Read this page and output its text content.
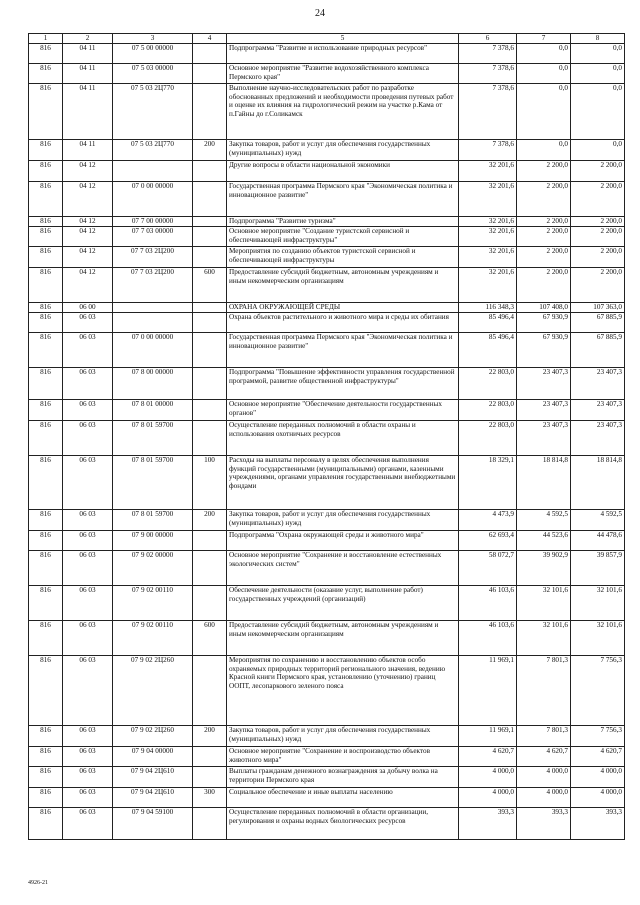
24
1	2	3	4	5	6	7	8
816	04 11	07 5 00 00000		Подпрограмма "Развитие и использование природных ресурсов"	7 378,6	0,0	0,0
816	04 11	07 5 03 00000		Основное мероприятие "Развитие водохозяйственного комплекса Пермского края"	7 378,6	0,0	0,0
816	04 11	07 5 03 2Ц770		Выполнение научно-исследовательских работ по разработке обоснованных предложений и необходимости проведения путевых работ и оценке их влияния на гидрологический режим на участке р.Кама от п.Гайны до г.Соликамск	7 378,6	0,0	0,0
816	04 11	07 5 03 2Ц770	200	Закупка товаров, работ и услуг для обеспечения государственных (муниципальных) нужд	7 378,6	0,0	0,0
816	04 12			Другие вопросы в области национальной экономики	32 201,6	2 200,0	2 200,0
816	04 12	07 0 00 00000		Государственная программа Пермского края "Экономическая политика и инновационное развитие"	32 201,6	2 200,0	2 200,0
816	04 12	07 7 00 00000		Подпрограмма "Развитие туризма"	32 201,6	2 200,0	2 200,0
816	04 12	07 7 03 00000		Основное мероприятие "Создание туристской сервисной и обеспечивающей инфраструктуры"	32 201,6	2 200,0	2 200,0
816	04 12	07 7 03 2Ц200		Мероприятия по созданию объектов туристской сервисной и обеспечивающей инфраструктуры	32 201,6	2 200,0	2 200,0
816	04 12	07 7 03 2Ц200	600	Предоставление субсидий бюджетным, автономным учреждениям и иным некоммерческим организациям	32 201,6	2 200,0	2 200,0
816	06 00			ОХРАНА ОКРУЖАЮЩЕЙ СРЕДЫ	116 348,3	107 408,0	107 363,0
816	06 03			Охрана объектов растительного и животного мира и среды их обитания	85 496,4	67 930,9	67 885,9
816	06 03	07 0 00 00000		Государственная программа Пермского края "Экономическая политика и инновационное развитие"	85 496,4	67 930,9	67 885,9
816	06 03	07 8 00 00000		Подпрограмма "Повышение эффективности управления государственной программой, развитие общественной инфраструктуры"	22 803,0	23 407,3	23 407,3
816	06 03	07 8 01 00000		Основное мероприятие "Обеспечение деятельности государственных органов"	22 803,0	23 407,3	23 407,3
816	06 03	07 8 01 59700		Осуществление переданных полномочий в области охраны и использования охотничьих ресурсов	22 803,0	23 407,3	23 407,3
816	06 03	07 8 01 59700	100	Расходы на выплаты персоналу в целях обеспечения выполнения функций государственными (муниципальными) органами, казенными учреждениями, органами управления государственными внебюджетными фондами	18 329,1	18 814,8	18 814,8
816	06 03	07 8 01 59700	200	Закупка товаров, работ и услуг для обеспечения государственных (муниципальных) нужд	4 473,9	4 592,5	4 592,5
816	06 03	07 9 00 00000		Подпрограмма "Охрана окружающей среды и животного мира"	62 693,4	44 523,6	44 478,6
816	06 03	07 9 02 00000		Основное мероприятие "Сохранение и восстановление естественных экологических систем"	58 072,7	39 902,9	39 857,9
816	06 03	07 9 02 00110		Обеспечение деятельности (оказание услуг, выполнение работ) государственных учреждений (организаций)	46 103,6	32 101,6	32 101,6
816	06 03	07 9 02 00110	600	Предоставление субсидий бюджетным, автономным учреждениям и иным некоммерческим организациям	46 103,6	32 101,6	32 101,6
816	06 03	07 9 02 2Ц260		Мероприятия по сохранению и восстановлению объектов особо охраняемых природных территорий регионального значения, ведению Красной книги Пермского края, установлению (уточнению) границ ООПТ, лесопаркового зеленого пояса	11 969,1	7 801,3	7 756,3
816	06 03	07 9 02 2Ц260	200	Закупка товаров, работ и услуг для обеспечения государственных (муниципальных) нужд	11 969,1	7 801,3	7 756,3
816	06 03	07 9 04 00000		Основное мероприятие "Сохранение и воспроизводство объектов животного мира"	4 620,7	4 620,7	4 620,7
816	06 03	07 9 04 2Ц610		Выплаты гражданам денежного вознаграждения за добычу волка на территории Пермского края	4 000,0	4 000,0	4 000,0
816	06 03	07 9 04 2Ц610	300	Социальное обеспечение и иные выплаты населению	4 000,0	4 000,0	4 000,0
816	06 03	07 9 04 59100		Осуществление переданных полномочий в области организации, регулирования и охраны водных биологических ресурсов	393,3	393,3	393,3
4926-21
